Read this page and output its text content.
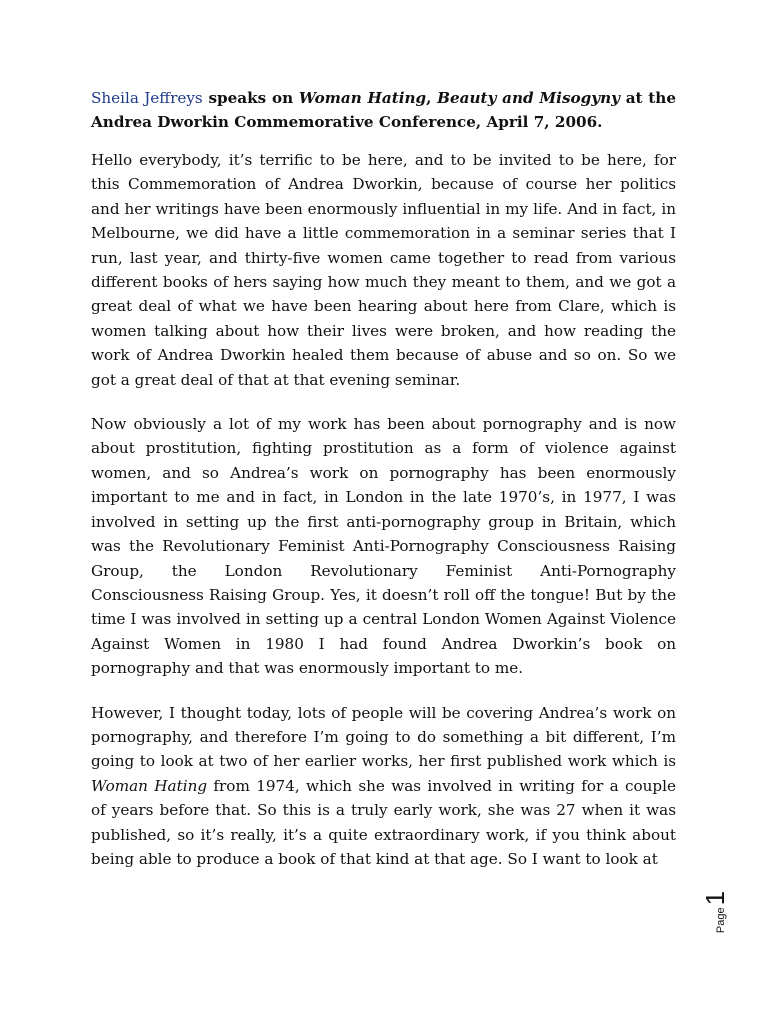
Sheila Jeffreys speaks on Woman Hating, Beauty and Misogyny at the Andrea Dworkin Commemorative Conference, April 7, 2006.

Hello everybody, it’s terrific to be here, and to be invited to be here, for this Commemoration of Andrea Dworkin, because of course her politics and her writings have been enormously influential in my life. And in fact, in Melbourne, we did have a little commemoration in a seminar series that I run, last year, and thirty-five women came together to read from various different books of hers saying how much they meant to them, and we got a great deal of what we have been hearing about here from Clare, which is women talking about how their lives were broken, and how reading the work of Andrea Dworkin healed them because of abuse and so on. So we got a great deal of that at that evening seminar.

Now obviously a lot of my work has been about pornography and is now about prostitution, fighting prostitution as a form of violence against women, and so Andrea’s work on pornography has been enormously important to me and in fact, in London in the late 1970’s, in 1977, I was involved in setting up the first anti-pornography group in Britain, which was the Revolutionary Feminist Anti-Pornography Consciousness Raising Group, the London Revolutionary Feminist Anti-Pornography Consciousness Raising Group. Yes, it doesn’t roll off the tongue! But by the time I was involved in setting up a central London Women Against Violence Against Women in 1980 I had found Andrea Dworkin’s book on pornography and that was enormously important to me.

However, I thought today, lots of people will be covering Andrea’s work on pornography, and therefore I’m going to do something a bit different, I’m going to look at two of her earlier works, her first published work which is Woman Hating from 1974, which she was involved in writing for a couple of years before that. So this is a truly early work, she was 27 when it was published, so it’s really, it’s a quite extraordinary work, if you think about being able to produce a book of that kind at that age. So I want to look at

Page
1
